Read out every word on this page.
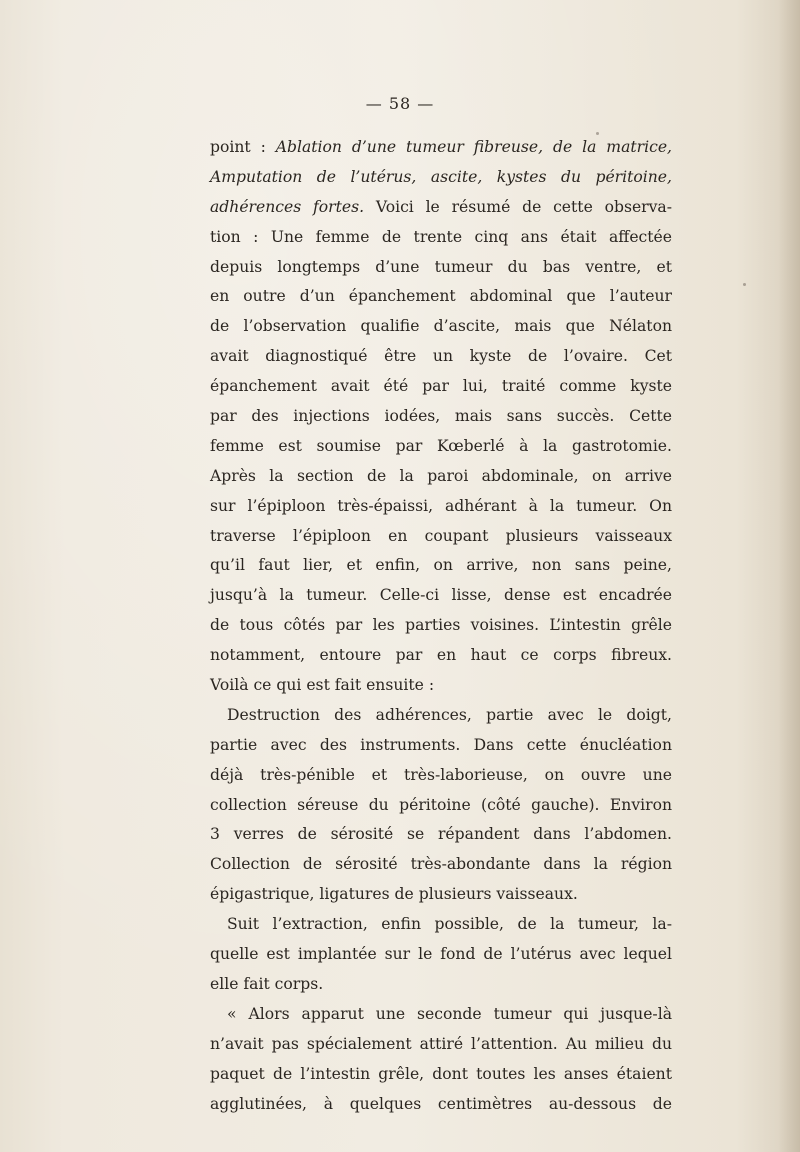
— 58 —
point : Ablation d’une tumeur fibreuse, de la matrice,
Amputation de l’utérus, ascite, kystes du péritoine,
adhérences fortes. Voici le résumé de cette observa-
tion : Une femme de trente cinq ans était affectée
depuis longtemps d’une tumeur du bas ventre, et
en outre d’un épanchement abdominal que l’auteur
de l’observation qualifie d’ascite, mais que Nélaton
avait diagnostiqué être un kyste de l’ovaire. Cet
épanchement avait été par lui, traité comme kyste
par des injections iodées, mais sans succès. Cette
femme est soumise par Kœberlé à la gastrotomie.
Après la section de la paroi abdominale, on arrive
sur l’épiploon très-épaissi, adhérant à la tumeur. On
traverse l’épiploon en coupant plusieurs vaisseaux
qu’il faut lier, et enfin, on arrive, non sans peine,
jusqu’à la tumeur. Celle-ci lisse, dense est encadrée
de tous côtés par les parties voisines. L’intestin grêle
notamment, entoure par en haut ce corps fibreux.
Voilà ce qui est fait ensuite :
Destruction des adhérences, partie avec le doigt,
partie avec des instruments. Dans cette énucléation
déjà très-pénible et très-laborieuse, on ouvre une
collection séreuse du péritoine (côté gauche). Environ
3 verres de sérosité se répandent dans l’abdomen.
Collection de sérosité très-abondante dans la région
épigastrique, ligatures de plusieurs vaisseaux.
Suit l’extraction, enfin possible, de la tumeur, la-
quelle est implantée sur le fond de l’utérus avec lequel
elle fait corps.
« Alors apparut une seconde tumeur qui jusque-là
n’avait pas spécialement attiré l’attention. Au milieu du
paquet de l’intestin grêle, dont toutes les anses étaient
agglutinées, à quelques centimètres au-dessous de
